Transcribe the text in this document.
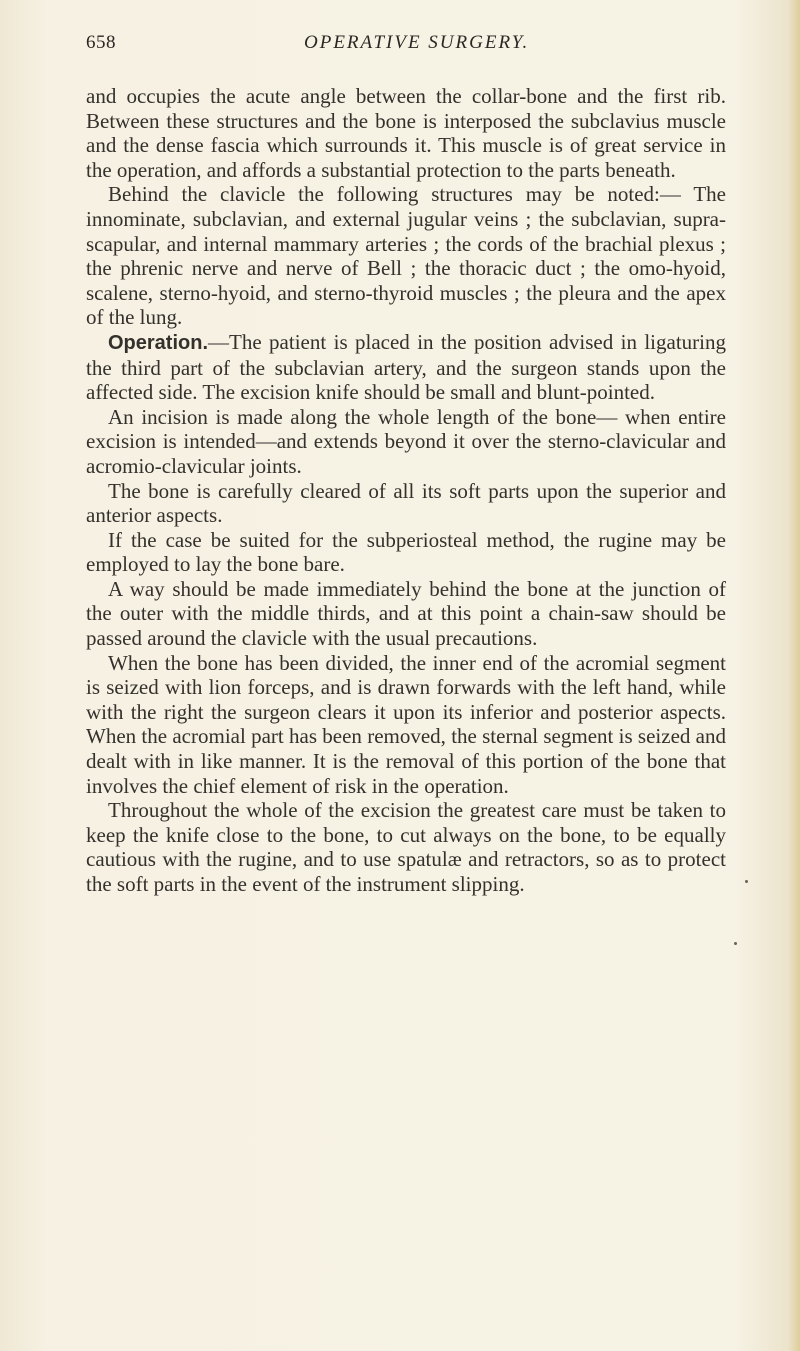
658	OPERATIVE SURGERY.

and occupies the acute angle between the collar-bone and the first rib. Between these structures and the bone is interposed the subclavius muscle and the dense fascia which surrounds it. This muscle is of great service in the operation, and affords a substantial protection to the parts beneath.

Behind the clavicle the following structures may be noted:— The innominate, subclavian, and external jugular veins ; the subclavian, supra-scapular, and internal mammary arteries ; the cords of the brachial plexus ; the phrenic nerve and nerve of Bell ; the thoracic duct ; the omo-hyoid, scalene, sterno-hyoid, and sterno-thyroid muscles ; the pleura and the apex of the lung.

Operation.—The patient is placed in the position advised in ligaturing the third part of the subclavian artery, and the surgeon stands upon the affected side. The excision knife should be small and blunt-pointed.

An incision is made along the whole length of the bone— when entire excision is intended—and extends beyond it over the sterno-clavicular and acromio-clavicular joints.

The bone is carefully cleared of all its soft parts upon the superior and anterior aspects.

If the case be suited for the subperiosteal method, the rugine may be employed to lay the bone bare.

A way should be made immediately behind the bone at the junction of the outer with the middle thirds, and at this point a chain-saw should be passed around the clavicle with the usual precautions.

When the bone has been divided, the inner end of the acromial segment is seized with lion forceps, and is drawn forwards with the left hand, while with the right the surgeon clears it upon its inferior and posterior aspects. When the acromial part has been removed, the sternal segment is seized and dealt with in like manner. It is the removal of this portion of the bone that involves the chief element of risk in the operation.

Throughout the whole of the excision the greatest care must be taken to keep the knife close to the bone, to cut always on the bone, to be equally cautious with the rugine, and to use spatulæ and retractors, so as to protect the soft parts in the event of the instrument slipping.
